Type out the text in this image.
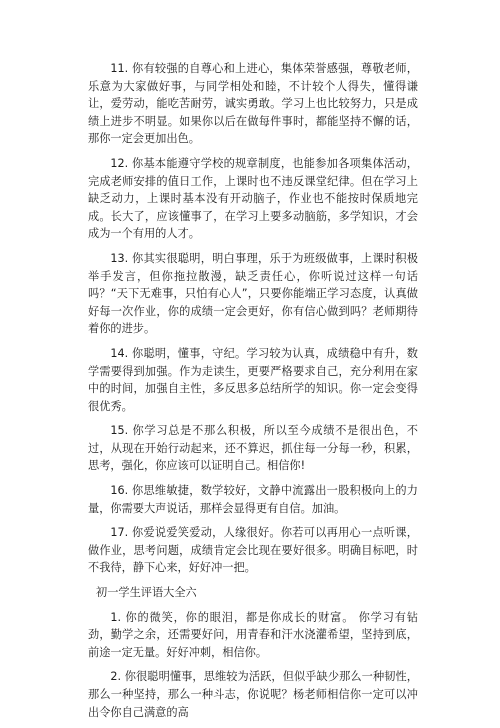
11. 你有较强的自尊心和上进心，集体荣誉感强，尊敬老师，乐意为大家做好事，与同学相处和睦，不计较个人得失，懂得谦让，爱劳动，能吃苦耐劳，诚实勇敢。学习上也比较努力，只是成绩上进步不明显。如果你以后在做每件事时，都能坚持不懈的话，那你一定会更加出色。

12. 你基本能遵守学校的规章制度，也能参加各项集体活动，完成老师安排的值日工作，上课时也不违反课堂纪律。但在学习上缺乏动力，上课时基本没有开动脑子，作业也不能按时保质地完成。长大了，应该懂事了，在学习上要多动脑筋，多学知识，才会成为一个有用的人才。

13. 你其实很聪明，明白事理，乐于为班级做事，上课时积极举手发言，但你拖拉散漫，缺乏责任心，你听说过这样一句话吗？“天下无难事，只怕有心人”，只要你能端正学习态度，认真做好每一次作业，你的成绩一定会更好，你有信心做到吗？老师期待着你的进步。

14. 你聪明，懂事，守纪。学习较为认真，成绩稳中有升，数学需要得到加强。作为走读生，更要严格要求自己，充分利用在家中的时间，加强自主性，多反思多总结所学的知识。你一定会变得很优秀。

15. 你学习总是不那么积极，所以至今成绩不是很出色，不过，从现在开始行动起来，还不算迟，抓住每一分每一秒，积累，思考，强化，你应该可以证明自己。相信你!

16. 你思维敏捷，数学较好，文静中流露出一股积极向上的力量，你需要大声说话，那样会显得更有自信。加油。

17. 你爱说爱笑爱动，人缘很好。你若可以再用心一点听课，做作业，思考问题，成绩肯定会比现在要好很多。明确目标吧，时不我待，静下心来，好好冲一把。

初一学生评语大全六

1. 你的微笑，你的眼泪，都是你成长的财富。 你学习有钻劲，勤学之余，还需要好问，用青春和汗水浇灌希望，坚持到底，前途一定无量。好好冲刺，相信你。

2. 你很聪明懂事，思维较为活跃，但似乎缺少那么一种韧性，那么一种坚持，那么一种斗志，你说呢？杨老师相信你一定可以冲出令你自己满意的高
